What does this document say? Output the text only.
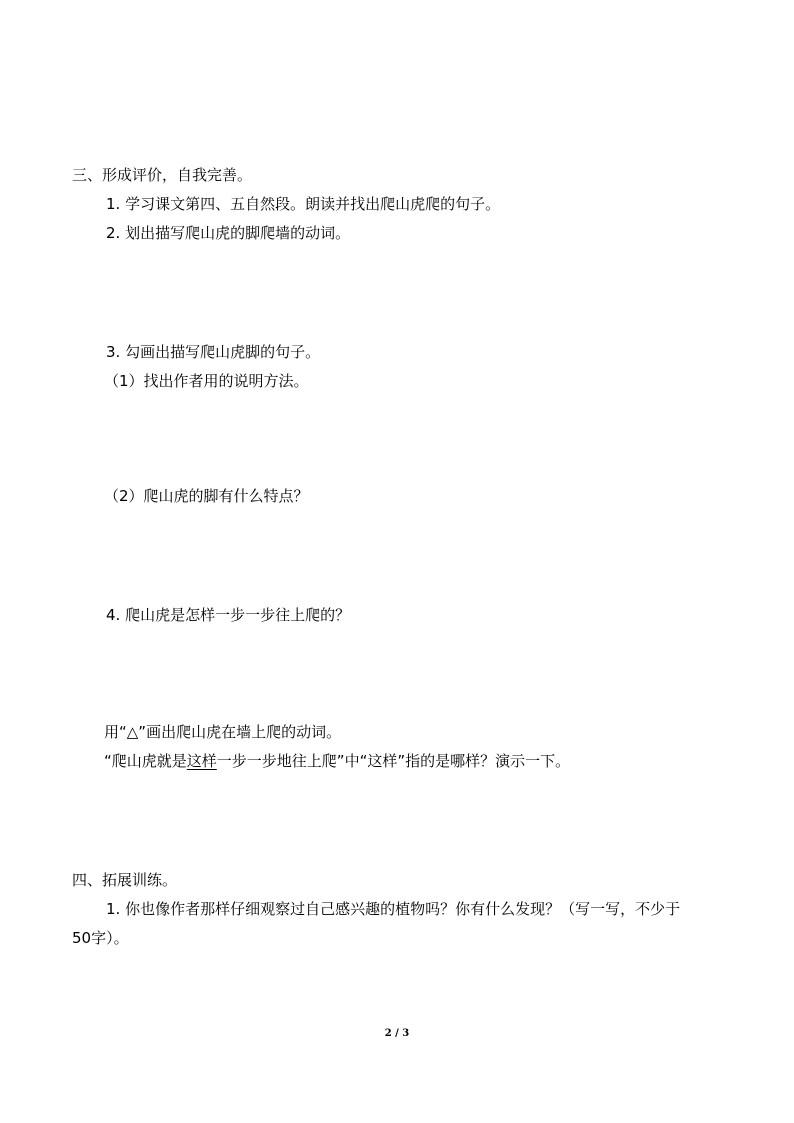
三、形成评价，自我完善。
1. 学习课文第四、五自然段。朗读并找出爬山虎爬的句子。
2. 划出描写爬山虎的脚爬墙的动词。
3. 勾画出描写爬山虎脚的句子。
（1）找出作者用的说明方法。
（2）爬山虎的脚有什么特点？
4. 爬山虎是怎样一步一步往上爬的？
用“△”画出爬山虎在墙上爬的动词。
“爬山虎就是这样一步一步地往上爬”中“这样”指的是哪样？演示一下。
四、拓展训练。
1. 你也像作者那样仔细观察过自己感兴趣的植物吗？你有什么发现？（写一写，不少于
50字）。
2 / 3
